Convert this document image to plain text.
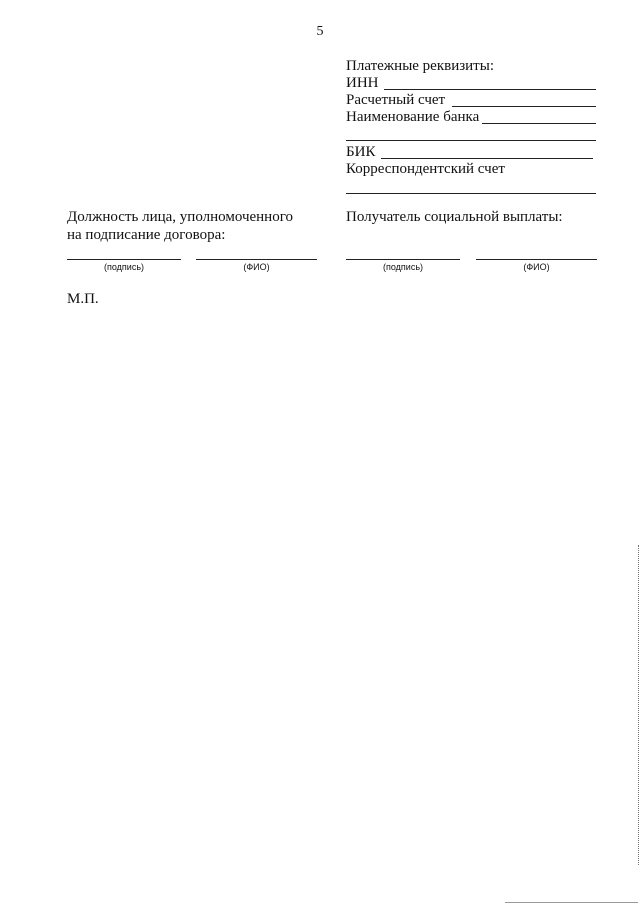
5
Платежные реквизиты:
ИНН
Расчетный счет
Наименование банка
БИК
Корреспондентский счет
Должность лица, уполномоченного
на подписание договора:
(подпись)	(ФИО)
Получатель социальной выплаты:
(подпись)	(ФИО)
М.П.
